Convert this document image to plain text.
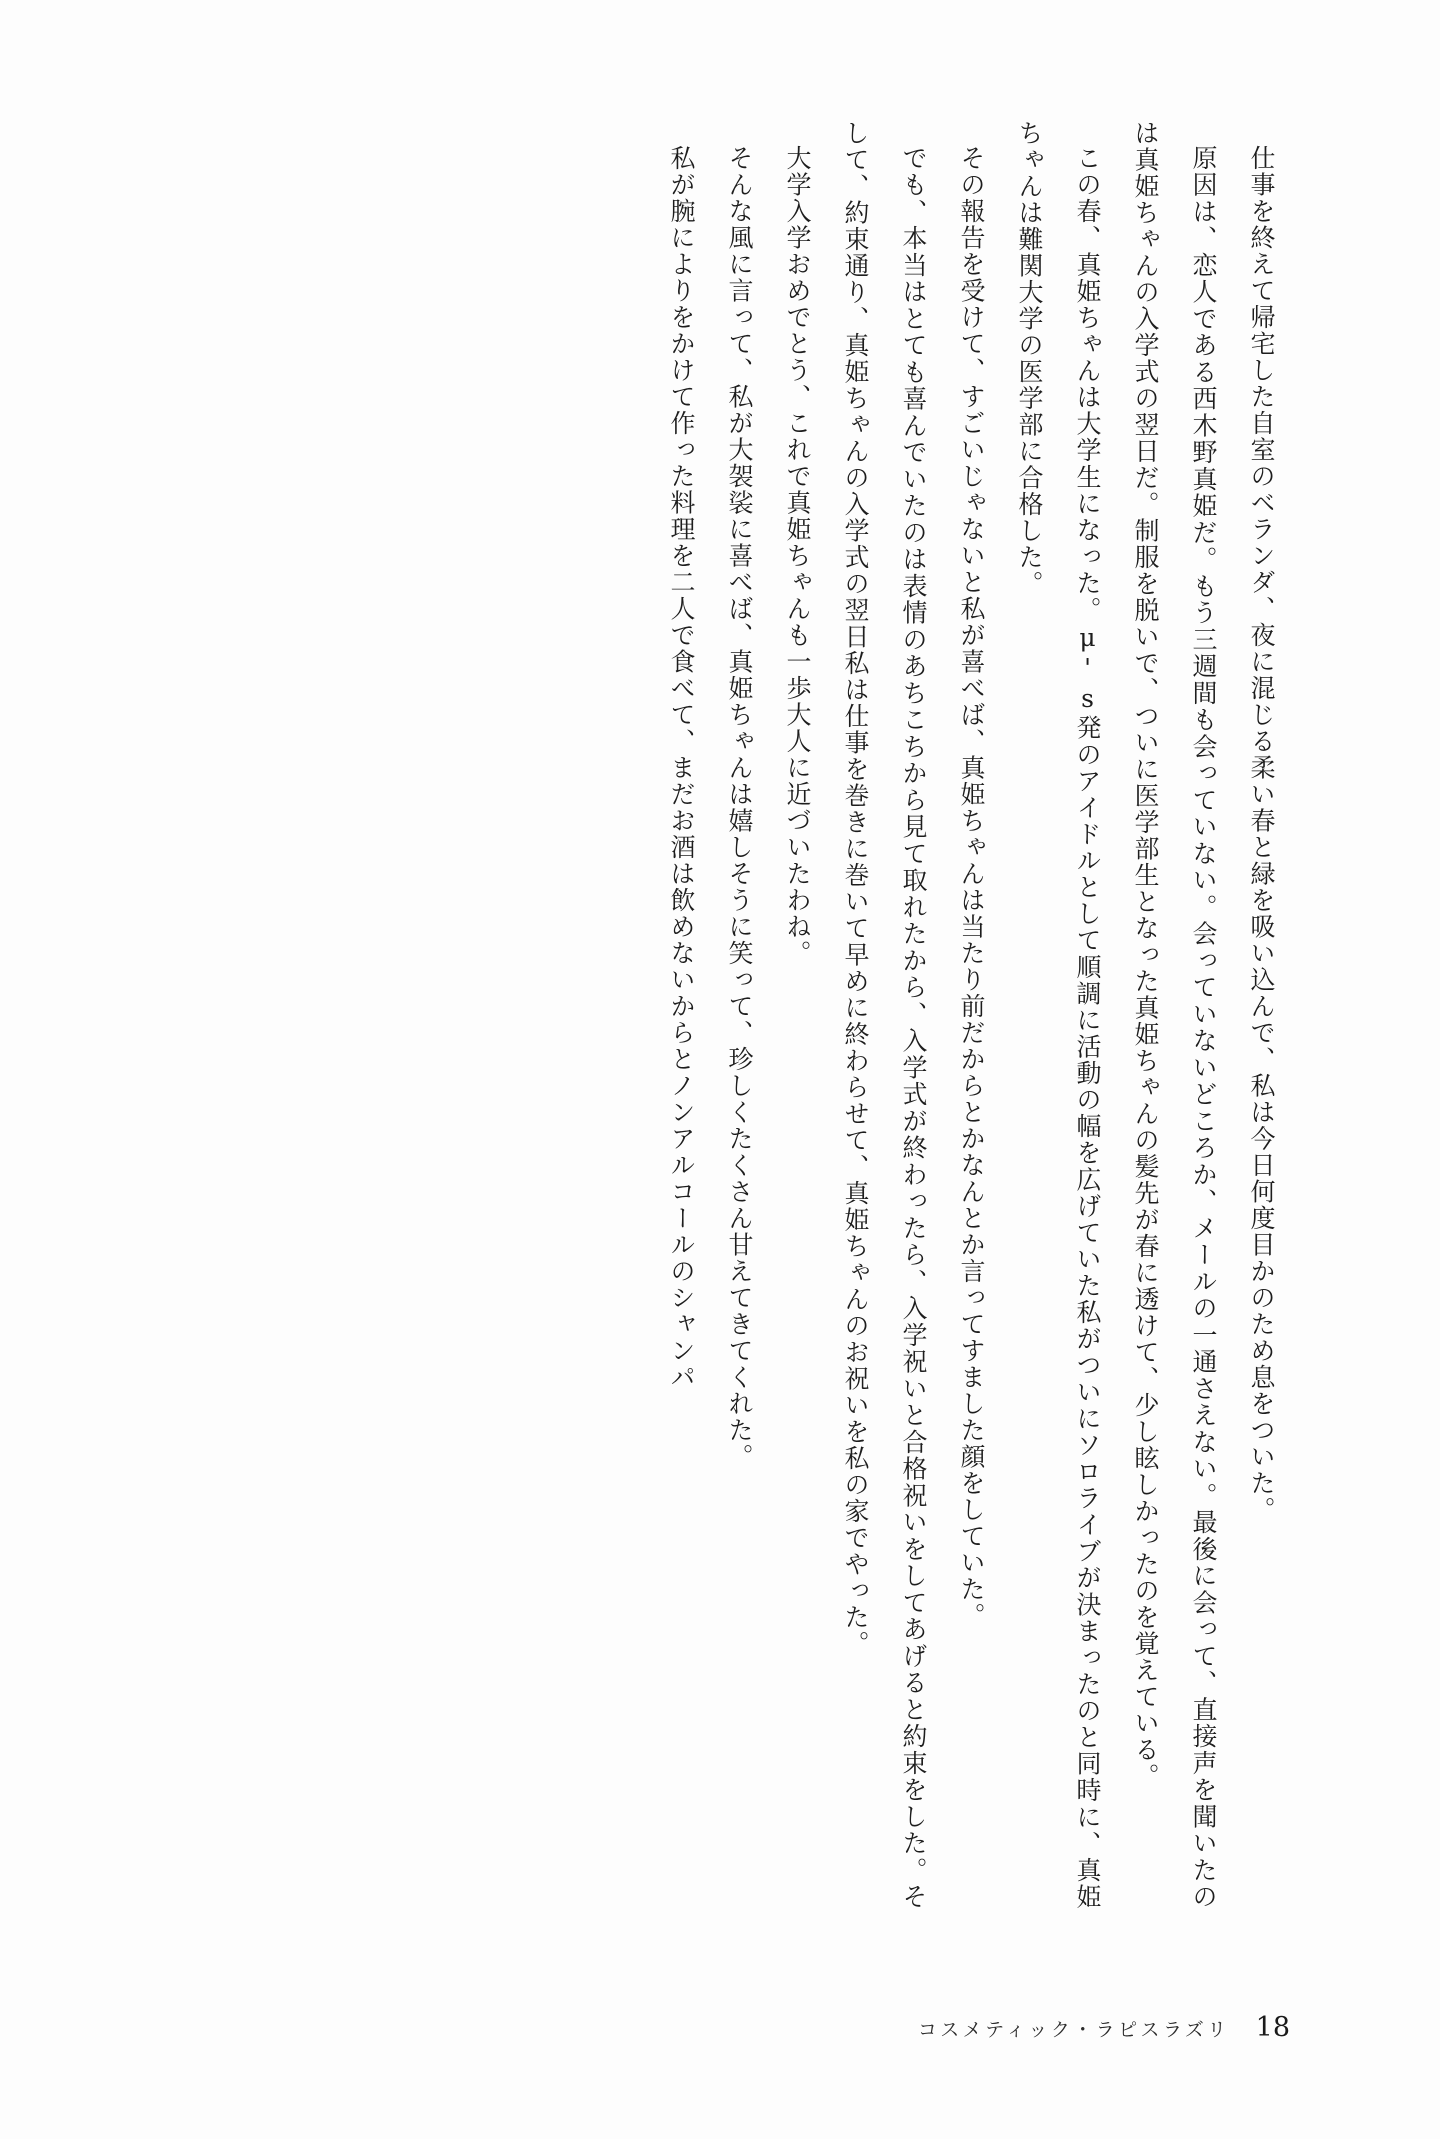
仕事を終えて帰宅した自室のベランダ、夜に混じる柔い春と緑を吸い込んで、私は今日何度目かのため息をついた。
原因は、恋人である西木野真姫だ。もう三週間も会っていない。会っていないどころか、メールの一通さえない。最後に会って、直接声を聞いたのは真姫ちゃんの入学式の翌日だ。制服を脱いで、ついに医学部生となった真姫ちゃんの髪先が春に透けて、少し眩しかったのを覚えている。
この春、真姫ちゃんは大学生になった。μ's発のアイドルとして順調に活動の幅を広げていた私がついにソロライブが決まったのと同時に、真姫ちゃんは難関大学の医学部に合格した。
その報告を受けて、すごいじゃないと私が喜べば、真姫ちゃんは当たり前だからとかなんとか言ってすました顔をしていた。
でも、本当はとても喜んでいたのは表情のあちこちから見て取れたから、入学式が終わったら、入学祝いと合格祝いをしてあげると約束をした。そして、約束通り、真姫ちゃんの入学式の翌日私は仕事を巻きに巻いて早めに終わらせて、真姫ちゃんのお祝いを私の家でやった。
大学入学おめでとう、これで真姫ちゃんも一歩大人に近づいたわね。
そんな風に言って、私が大袈裟に喜べば、真姫ちゃんは嬉しそうに笑って、珍しくたくさん甘えてきてくれた。
私が腕によりをかけて作った料理を二人で食べて、まだお酒は飲めないからとノンアルコールのシャンパ
コスメティック・ラピスラズリ 18
